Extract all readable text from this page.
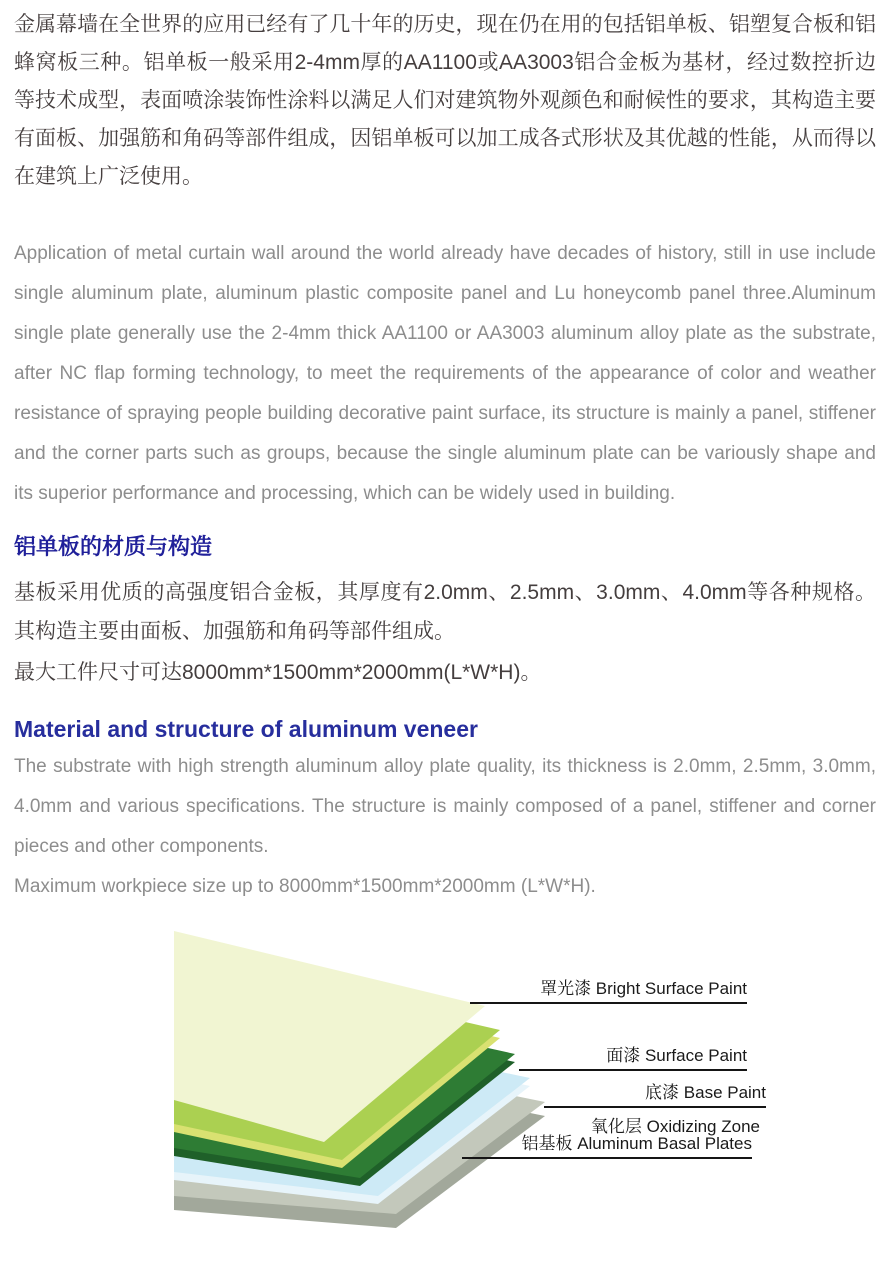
金属幕墙在全世界的应用已经有了几十年的历史，现在仍在用的包括铝单板、铝塑复合板和铝蜂窝板三种。铝单板一般采用2-4mm厚的AA1100或AA3003铝合金板为基材，经过数控折边等技术成型，表面喷涂装饰性涂料以满足人们对建筑物外观颜色和耐候性的要求，其构造主要有面板、加强筋和角码等部件组成，因铝单板可以加工成各式形状及其优越的性能，从而得以在建筑上广泛使用。

Application of metal curtain wall around the world already have decades of history, still in use include single aluminum plate, aluminum plastic composite panel and Lu honeycomb panel three.Aluminum single plate generally use the 2-4mm thick AA1100 or AA3003 aluminum alloy plate as the substrate, after NC flap forming technology, to meet the requirements of the appearance of color and weather resistance of spraying people building decorative paint surface, its structure is mainly a panel, stiffener and the corner parts such as groups, because the single aluminum plate can be variously shape and its superior performance and processing, which can be widely used in building.

铝单板的材质与构造

基板采用优质的高强度铝合金板，其厚度有2.0mm、2.5mm、3.0mm、4.0mm等各种规格。其构造主要由面板、加强筋和角码等部件组成。

最大工件尺寸可达8000mm*1500mm*2000mm(L*W*H)。

Material and structure of aluminum veneer

The substrate with high strength aluminum alloy plate quality, its thickness is 2.0mm, 2.5mm, 3.0mm, 4.0mm and various specifications. The structure is mainly composed of a panel, stiffener and corner pieces and other components.

Maximum workpiece size up to 8000mm*1500mm*2000mm (L*W*H).

罩光漆 Bright Surface Paint
面漆 Surface Paint
底漆 Base Paint
氧化层 Oxidizing Zone
铝基板 Aluminum Basal Plates
